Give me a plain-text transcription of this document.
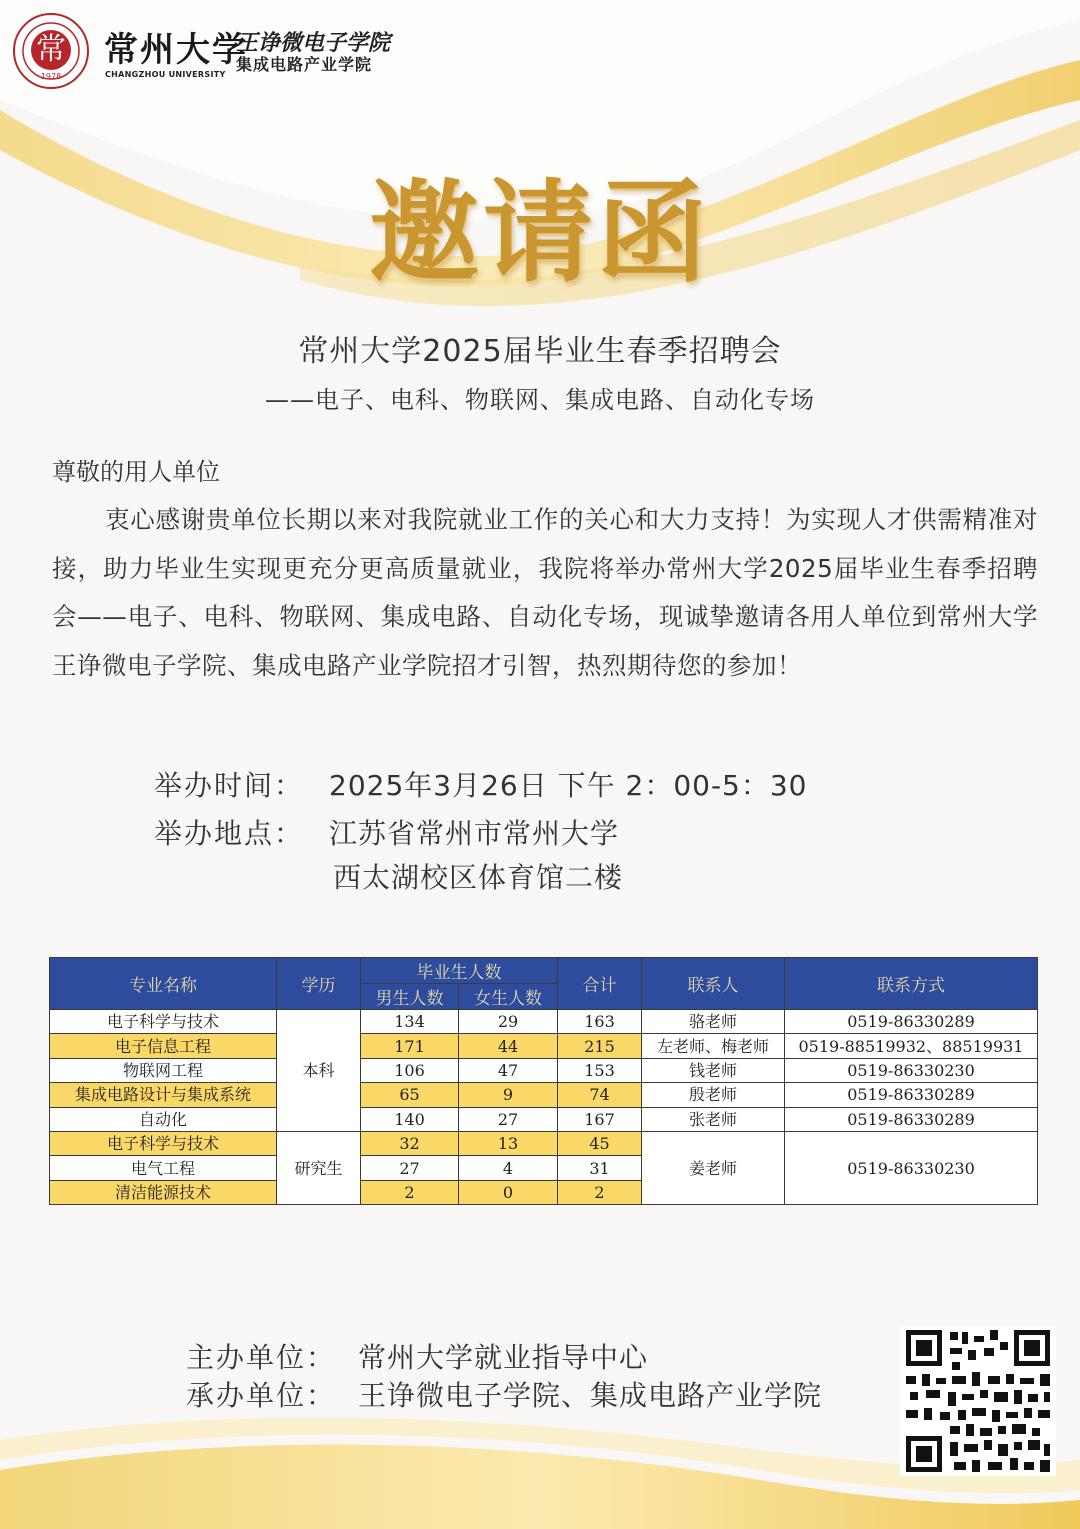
常
1978
常州大学
CHANGZHOU UNIVERSITY
王诤微电子学院
集成电路产业学院
邀请函
常州大学2025届毕业生春季招聘会
——电子、电科、物联网、集成电路、自动化专场
尊敬的用人单位
衷心感谢贵单位长期以来对我院就业工作的关心和大力支持！为实现人才供需精准对接，助力毕业生实现更充分更高质量就业，我院将举办常州大学2025届毕业生春季招聘会——电子、电科、物联网、集成电路、自动化专场，现诚挚邀请各用人单位到常州大学王诤微电子学院、集成电路产业学院招才引智，热烈期待您的参加！
举办时间： 2025年3月26日 下午 2：00-5：30
举办地点： 江苏省常州市常州大学
西太湖校区体育馆二楼
专业名称	学历	毕业生人数		合计	联系人	联系方式
		男生人数	女生人数			
电子科学与技术	本科	134	29	163	骆老师	0519-86330289
电子信息工程		171	44	215	左老师、梅老师	0519-88519932、88519931
物联网工程		106	47	153	钱老师	0519-86330230
集成电路设计与集成系统		65	9	74	殷老师	0519-86330289
自动化		140	27	167	张老师	0519-86330289
电子科学与技术	研究生	32	13	45	姜老师	0519-86330230
电气工程		27	4	31		
清洁能源技术		2	0	2		
主办单位： 常州大学就业指导中心
承办单位： 王诤微电子学院、集成电路产业学院
